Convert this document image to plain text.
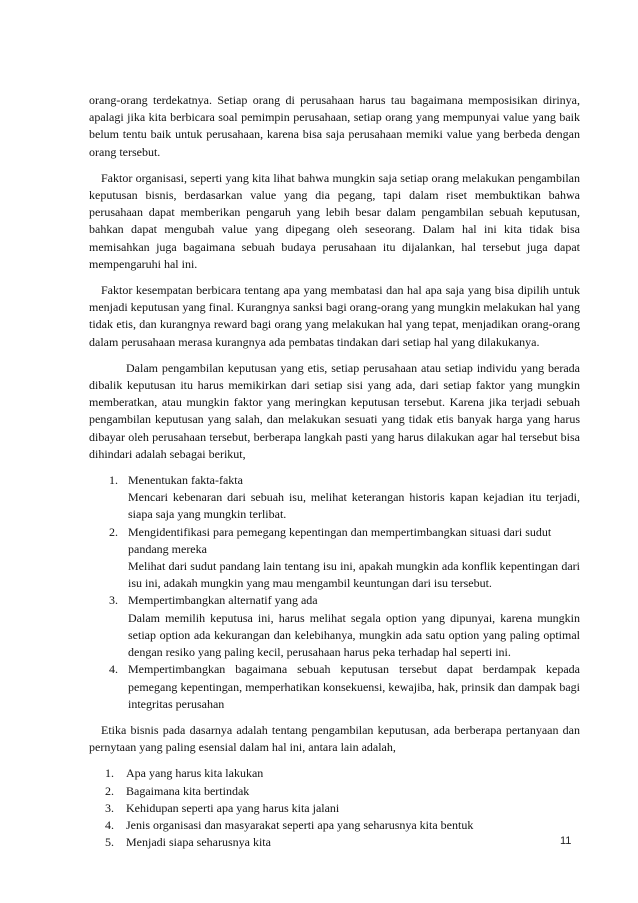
orang-orang terdekatnya. Setiap orang di perusahaan harus tau bagaimana memposisikan dirinya, apalagi jika kita berbicara soal pemimpin perusahaan, setiap orang yang mempunyai value yang baik belum tentu baik untuk perusahaan, karena bisa saja perusahaan memiki value yang berbeda dengan orang tersebut.

Faktor organisasi, seperti yang kita lihat bahwa mungkin saja setiap orang melakukan pengambilan keputusan bisnis, berdasarkan value yang dia pegang, tapi dalam riset membuktikan bahwa perusahaan dapat memberikan pengaruh yang lebih besar dalam pengambilan sebuah keputusan, bahkan dapat mengubah value yang dipegang oleh seseorang. Dalam hal ini kita tidak bisa memisahkan juga bagaimana sebuah budaya perusahaan itu dijalankan, hal tersebut juga dapat mempengaruhi hal ini.

Faktor kesempatan berbicara tentang apa yang membatasi dan hal apa saja yang bisa dipilih untuk menjadi keputusan yang final. Kurangnya sanksi bagi orang-orang yang mungkin melakukan hal yang tidak etis, dan kurangnya reward bagi orang yang melakukan hal yang tepat, menjadikan orang-orang dalam perusahaan merasa kurangnya ada pembatas tindakan dari setiap hal yang dilakukanya.

Dalam pengambilan keputusan yang etis, setiap perusahaan atau setiap individu yang berada dibalik keputusan itu harus memikirkan dari setiap sisi yang ada, dari setiap faktor yang mungkin memberatkan, atau mungkin faktor yang meringkan keputusan tersebut. Karena jika terjadi sebuah pengambilan keputusan yang salah, dan melakukan sesuati yang tidak etis banyak harga yang harus dibayar oleh perusahaan tersebut, berberapa langkah pasti yang harus dilakukan agar hal tersebut bisa dihindari adalah sebagai berikut,

1. Menentukan fakta-fakta
Mencari kebenaran dari sebuah isu, melihat keterangan historis kapan kejadian itu terjadi, siapa saja yang mungkin terlibat.
2. Mengidentifikasi para pemegang kepentingan dan mempertimbangkan situasi dari sudut pandang mereka
Melihat dari sudut pandang lain tentang isu ini, apakah mungkin ada konflik kepentingan dari isu ini, adakah mungkin yang mau mengambil keuntungan dari isu tersebut.
3. Mempertimbangkan alternatif yang ada
Dalam memilih keputusa ini, harus melihat segala option yang dipunyai, karena mungkin setiap option ada kekurangan dan kelebihanya, mungkin ada satu option yang paling optimal dengan resiko yang paling kecil, perusahaan harus peka terhadap hal seperti ini.
4. Mempertimbangkan bagaimana sebuah keputusan tersebut dapat berdampak kepada pemegang kepentingan, memperhatikan konsekuensi, kewajiba, hak, prinsik dan dampak bagi integritas perusahan

Etika bisnis pada dasarnya adalah tentang pengambilan keputusan, ada berberapa pertanyaan dan pernytaan yang paling esensial dalam hal ini, antara lain adalah,

1. Apa yang harus kita lakukan
2. Bagaimana kita bertindak
3. Kehidupan seperti apa yang harus kita jalani
4. Jenis organisasi dan masyarakat seperti apa yang seharusnya kita bentuk
5. Menjadi siapa seharusnya kita	11
